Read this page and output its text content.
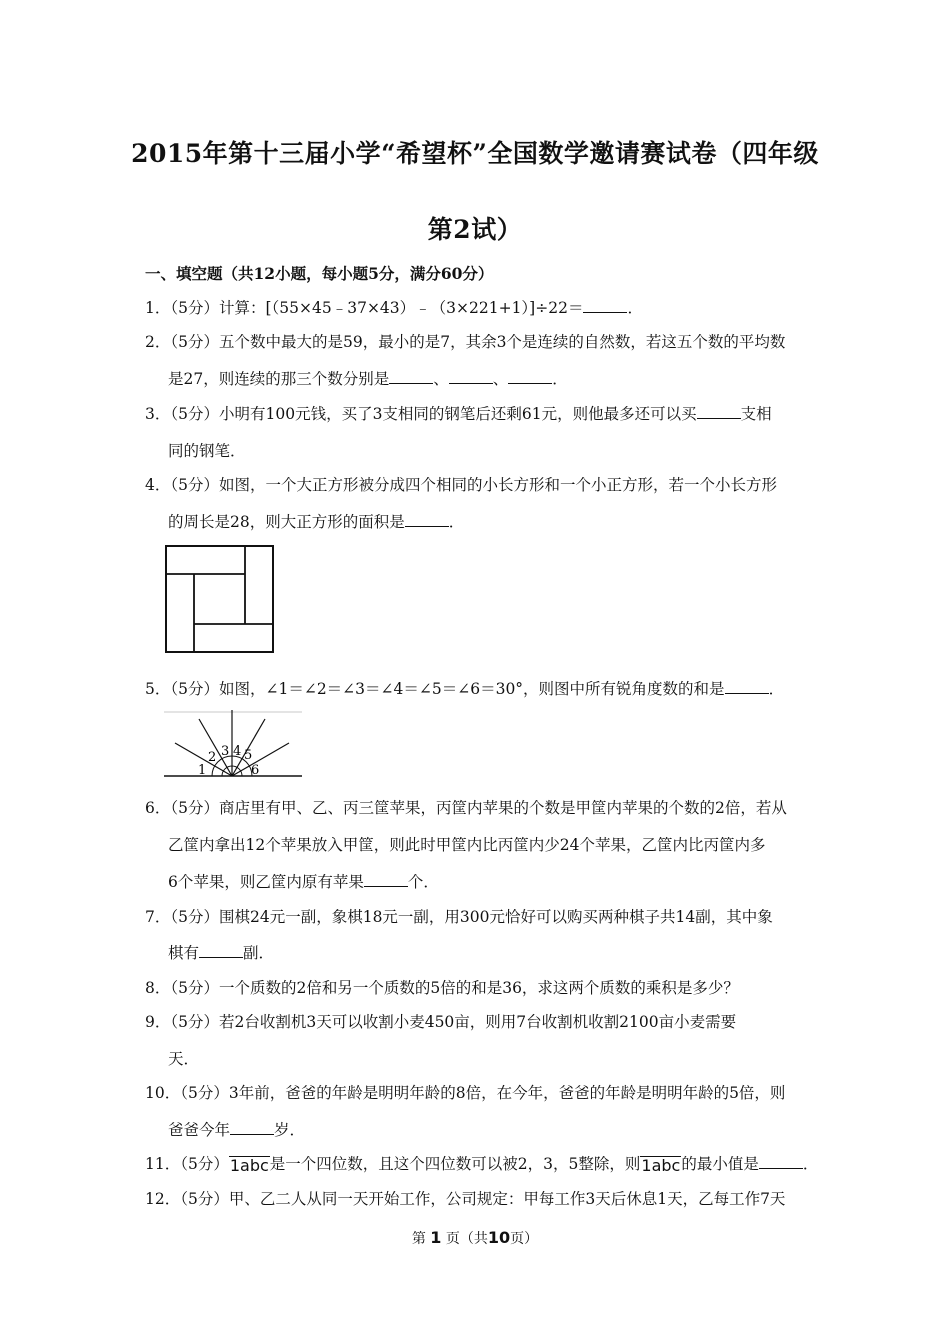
2015年第十三届小学“希望杯”全国数学邀请赛试卷（四年级
第2试）
一、填空题（共12小题，每小题5分，满分60分）
1．（5分）计算：[（55×45﹣37×43）﹣（3×221+1）]÷22＝	．
2．（5分）五个数中最大的是59，最小的是7，其余3个是连续的自然数，若这五个数的平均数
是27，则连续的那三个数分别是	、	、	．
3．（5分）小明有100元钱，买了3支相同的钢笔后还剩61元，则他最多还可以买	支相
同的钢笔．
4．（5分）如图，一个大正方形被分成四个相同的小长方形和一个小正方形，若一个小长方形
的周长是28，则大正方形的面积是	．
5．（5分）如图，∠1＝∠2＝∠3＝∠4＝∠5＝∠6＝30°，则图中所有锐角度数的和是	．
1
2 3 4 5
6
6．（5分）商店里有甲、乙、丙三筐苹果，丙筐内苹果的个数是甲筐内苹果的个数的2倍，若从
乙筐内拿出12个苹果放入甲筐，则此时甲筐内比丙筐内少24个苹果，乙筐内比丙筐内多
6个苹果，则乙筐内原有苹果	个．
7．（5分）围棋24元一副，象棋18元一副，用300元恰好可以购买两种棋子共14副，其中象
棋有	副．
8．（5分）一个质数的2倍和另一个质数的5倍的和是36，求这两个质数的乘积是多少？
9．（5分）若2台收割机3天可以收割小麦450亩，则用7台收割机收割2100亩小麦需要
天．
10．（5分）3年前，爸爸的年龄是明明年龄的8倍，在今年，爸爸的年龄是明明年龄的5倍，则
爸爸今年	岁．
11．（5分）1abc是一个四位数，且这个四位数可以被2，3，5整除，则1abc的最小值是	．
12．（5分）甲、乙二人从同一天开始工作，公司规定：甲每工作3天后休息1天，乙每工作7天
第 1 页（共10页）
